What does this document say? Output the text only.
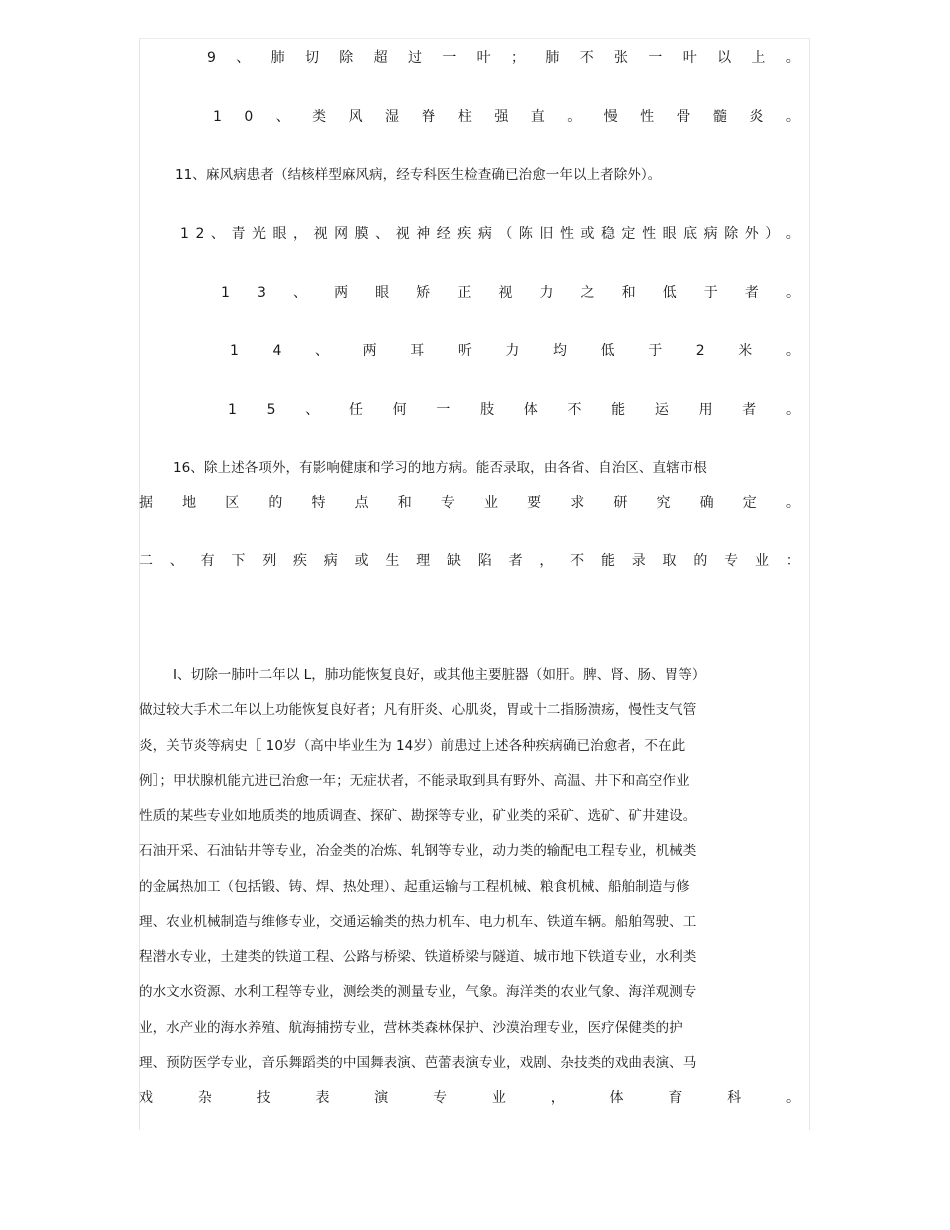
9 、 肺 切 除 超 过 一 叶 ； 肺 不 张 一 叶 以 上 。
1 0 、 类 风 湿 脊 柱 强 直 。 慢 性 骨 髓 炎 。
11、麻风病患者（结核样型麻风病，经专科医生检查确已治愈一年以上者除外）。
1 2 、 青 光 眼 ， 视 网 膜 、 视 神 经 疾 病 （ 陈 旧 性 或 稳 定 性 眼 底 病 除 外 ） 。
1 3 、 两 眼 矫 正 视 力 之 和 低 于 者 。
1 4 、 两 耳 听 力 均 低 于 2 米 。
1 5 、 任 何 一 肢 体 不 能 运 用 者 。
16、除上述各项外，有影响健康和学习的地方病。能否录取，由各省、自治区、直辖市根
据 地 区 的 特 点 和 专 业 要 求 研 究 确 定 。
二 、 有 下 列 疾 病 或 生 理 缺 陷 者 ， 不 能 录 取 的 专 业 ：
I、切除一肺叶二年以 L，肺功能恢复良好，或其他主要脏器（如肝。脾、肾、肠、胃等）
做过较大手术二年以上功能恢复良好者；凡有肝炎、心肌炎，胃或十二指肠溃疡，慢性支气管
炎，关节炎等病史［ 10岁（高中毕业生为 14岁）前患过上述各种疾病确已治愈者，不在此
例］；甲状腺机能亢进已治愈一年；无症状者，不能录取到具有野外、高温、井下和高空作业
性质的某些专业如地质类的地质调查、探矿、勘探等专业，矿业类的采矿、选矿、矿井建设。
石油开采、石油钻井等专业，冶金类的冶炼、轧钢等专业，动力类的输配电工程专业，机械类
的金属热加工（包括锻、铸、焊、热处理）、起重运输与工程机械、粮食机械、船舶制造与修
理、农业机械制造与维修专业，交通运输类的热力机车、电力机车、铁道车辆。船舶驾驶、工
程潜水专业，土建类的铁道工程、公路与桥梁、铁道桥梁与隧道、城市地下铁道专业，水利类
的水文水资源、水利工程等专业，测绘类的测量专业，气象。海洋类的农业气象、海洋观测专
业，水产业的海水养殖、航海捕捞专业，营林类森林保护、沙漠治理专业，医疗保健类的护
理、预防医学专业，音乐舞蹈类的中国舞表演、芭蕾表演专业，戏剧、杂技类的戏曲表演、马
戏	杂	技	表	演	专	业	，	体	育	科	。
